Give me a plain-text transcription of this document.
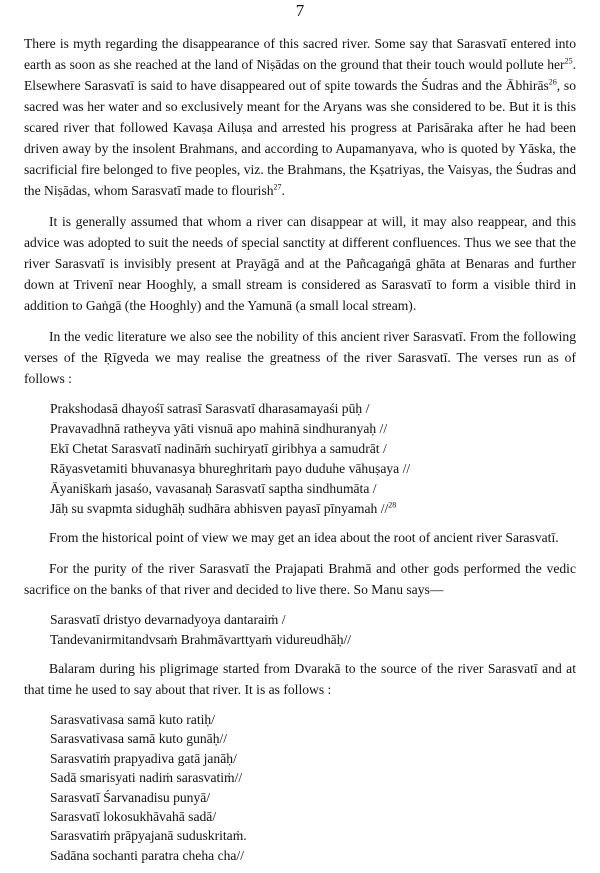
7

There is myth regarding the disappearance of this sacred river. Some say that Sarasvatī entered into earth as soon as she reached at the land of Niṣādas on the ground that their touch would pollute her$^{25}$. Elsewhere Sarasvatī is said to have disappeared out of spite towards the Śudras and the Ābhirās$^{26}$, so sacred was her water and so exclusively meant for the Aryans was she considered to be. But it is this scared river that followed Kavaṣa Ailuṣa and arrested his progress at Parisāraka after he had been driven away by the insolent Brahmans, and according to Aupamanyava, who is quoted by Yāska, the sacrificial fire belonged to five peoples, viz. the Brahmans, the Kṣatriyas, the Vaisyas, the Śudras and the Niṣādas, whom Sarasvatī made to flourish$^{27}$.

It is generally assumed that whom a river can disappear at will, it may also reappear, and this advice was adopted to suit the needs of special sanctity at different confluences. Thus we see that the river Sarasvatī is invisibly present at Prayāgā and at the Pañcagaṅgā ghāta at Benaras and further down at Trivenī near Hooghly, a small stream is considered as Sarasvatī to form a visible third in addition to Gaṅgā (the Hooghly) and the Yamunā (a small local stream).

In the vedic literature we also see the nobility of this ancient river Sarasvatī. From the following verses of the Ṛīgveda we may realise the greatness of the river Sarasvatī. The verses run as of follows :

Prakshodasā dhayośī satrasī Sarasvatī dharasamayaśi pūḥ /
Pravavadhnā ratheyva yāti visnuā apo mahinā sindhuranyaḥ //
Ekī Chetat Sarasvatī nadināṁ suchiryatī giribhya a samudrāt /
Rāyasvetamiti bhuvanasya bhureghritaṁ payo duduhe vāhuṣaya //
Āyanis̄kaṁ jasaśo, vavasanaḥ Sarasvatī saptha sindhumāta /
Jāḥ su svapmta sidughāḥ sudhāra abhisven payasī pīnyamah //$^{28}$

From the historical point of view we may get an idea about the root of ancient river Sarasvatī.

For the purity of the river Sarasvatī the Prajapati Brahmā and other gods performed the vedic sacrifice on the banks of that river and decided to live there. So Manu says—

Sarasvatī dristyo devarnadyoya dantaraiṁ /
Tandevanirmitandvsaṁ Brahmāvarttyaṁ vidureudhāḥ//

Balaram during his pligrimage started from Dvarakā to the source of the river Sarasvatī and at that time he used to say about that river. It is as follows :

Sarasvativasa samā kuto ratiḥ/
Sarasvativasa samā kuto gunāḥ//
Sarasvatiṁ prapyadiva gatā janāḥ/
Sadā smarisyati nadiṁ sarasvatiṁ//
Sarasvatī Śarvanadisu punyā/
Sarasvatī lokosukhāvahā sadā/
Sarasvatiṁ prāpyajanā suduskritaṁ.
Sadāna sochanti paratra cheha cha//
